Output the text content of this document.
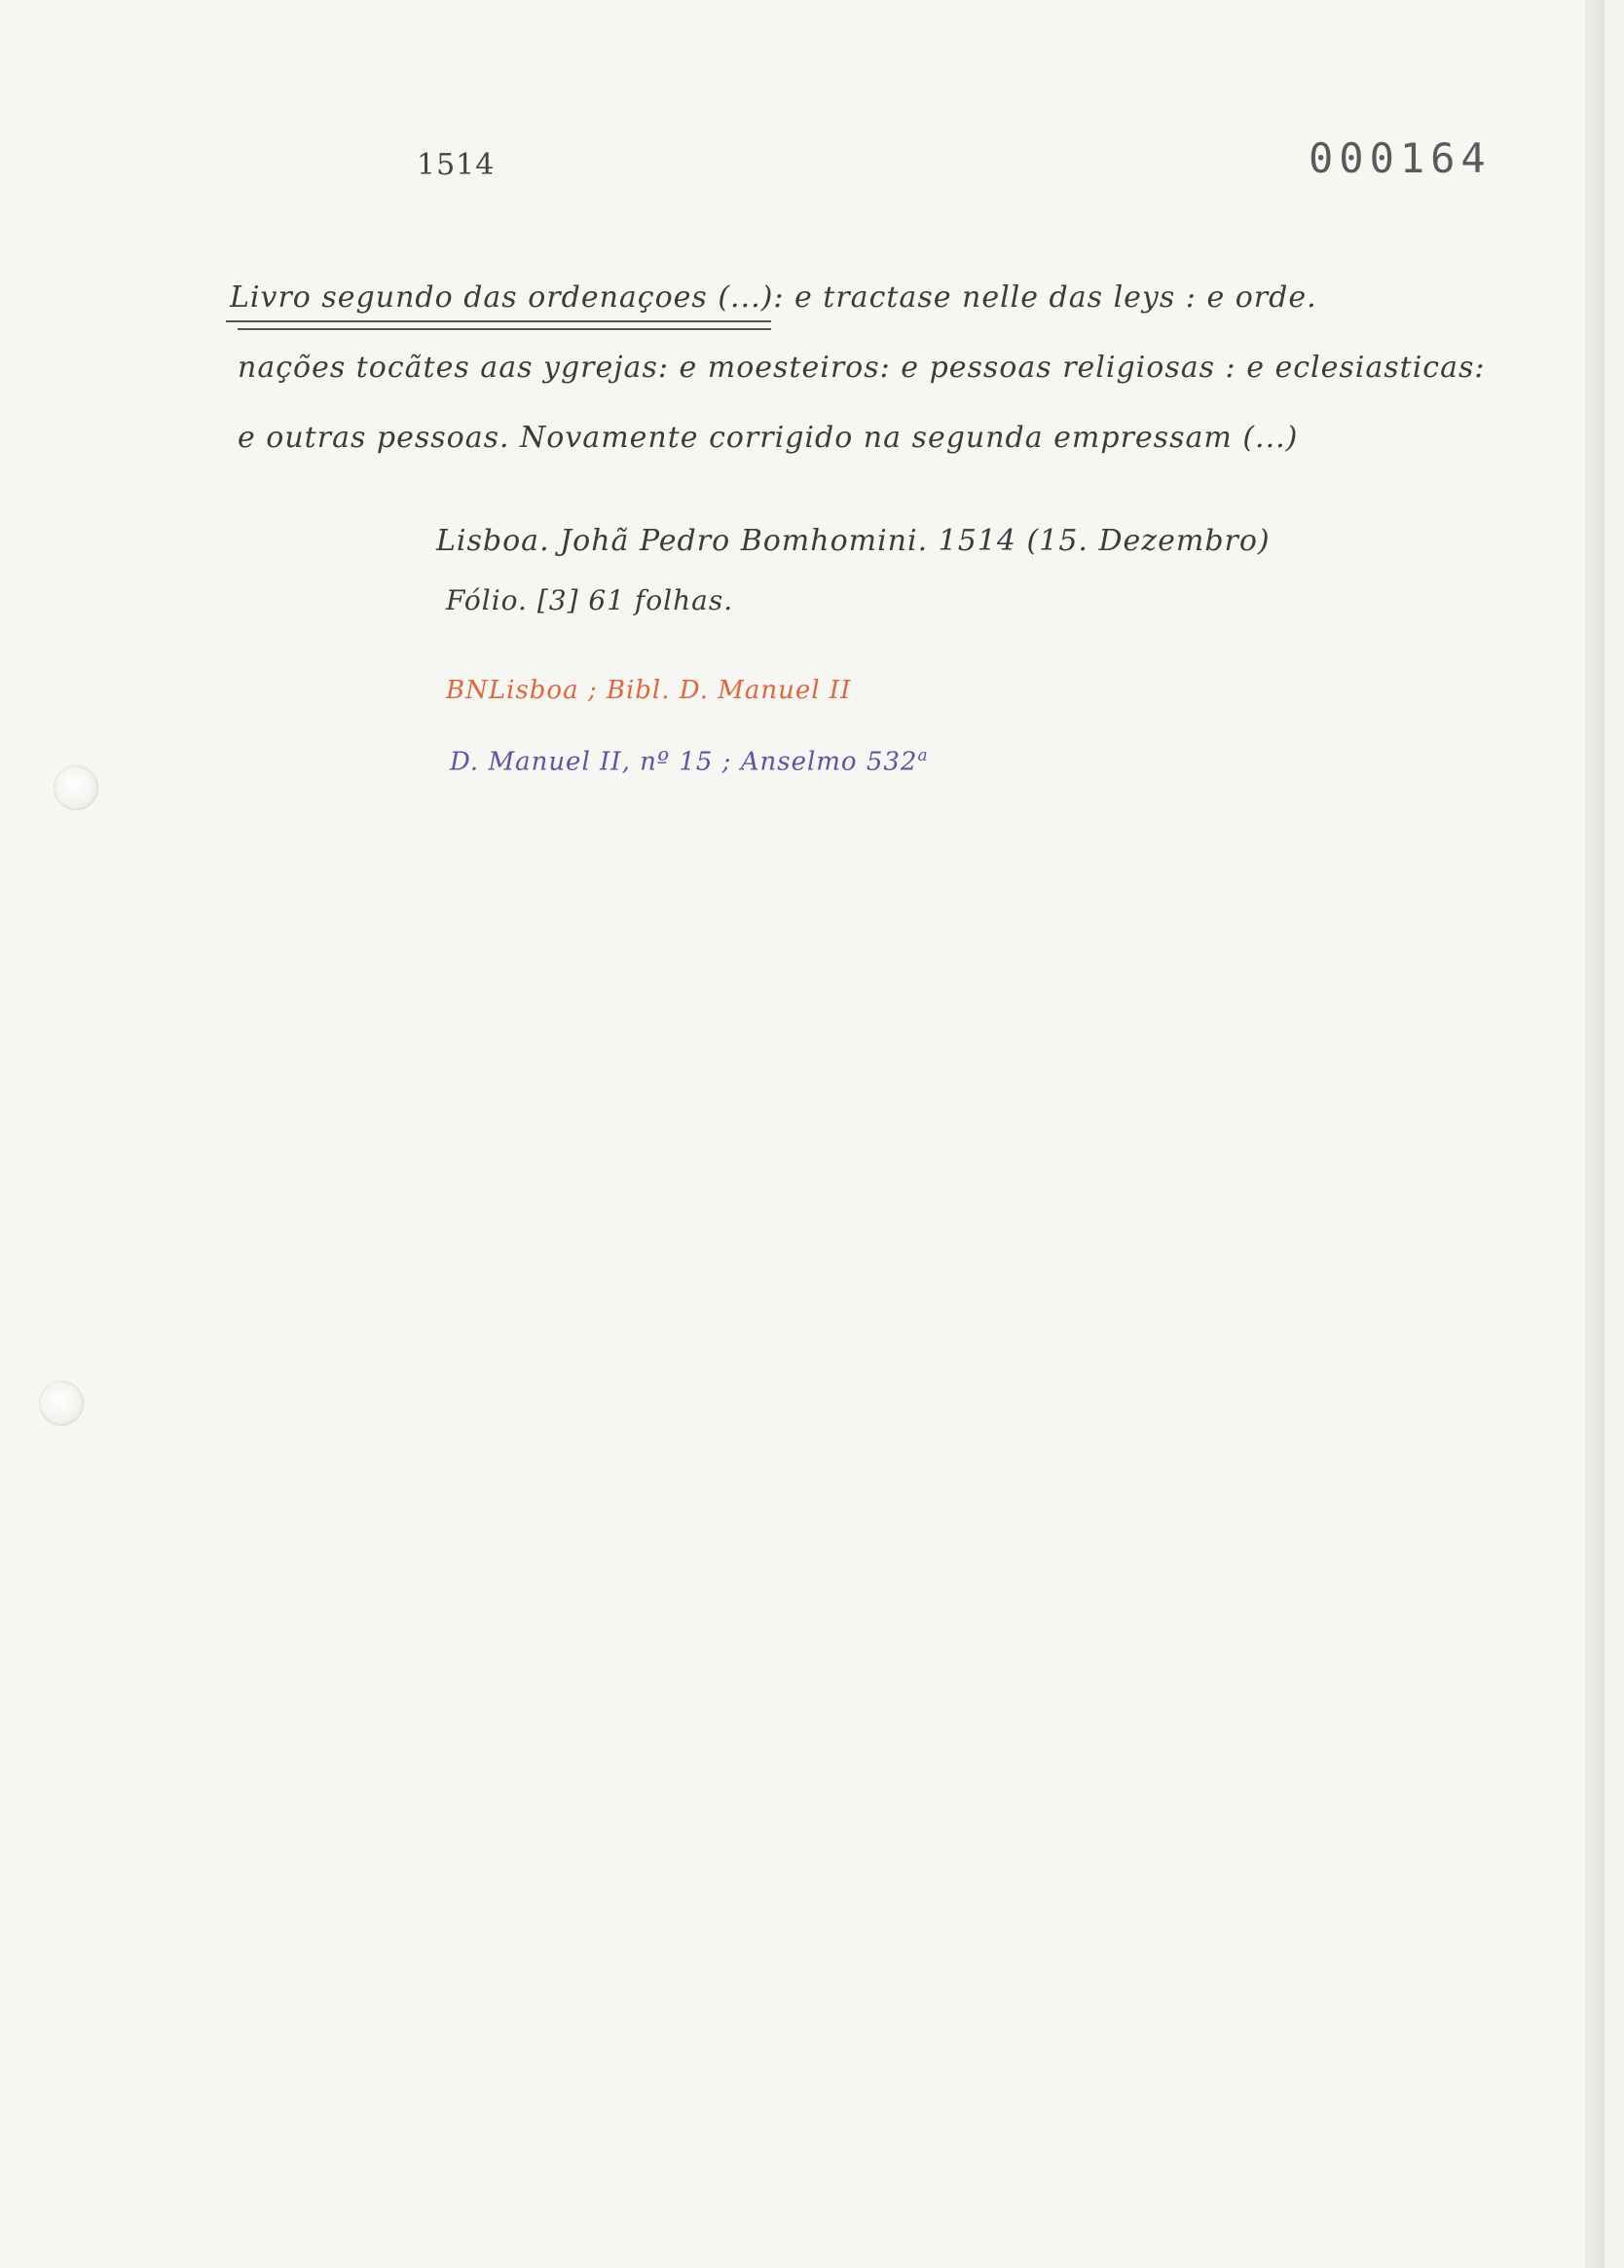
1514	000164
Livro segundo das ordenaçoes (...): e tractase nelle das leys : e orde.
nações tocãtes aas ygrejas: e moesteiros: e pessoas religiosas : e eclesiasticas:
e outras pessoas. Novamente corrigido na segunda empressam (...)
Lisboa. Johã Pedro Bomhomini. 1514 (15. Dezembro)
Fólio. [3] 61 folhas.
BNLisboa ; Bibl. D. Manuel II
D. Manuel II, nº 15 ; Anselmo 532$^a$
